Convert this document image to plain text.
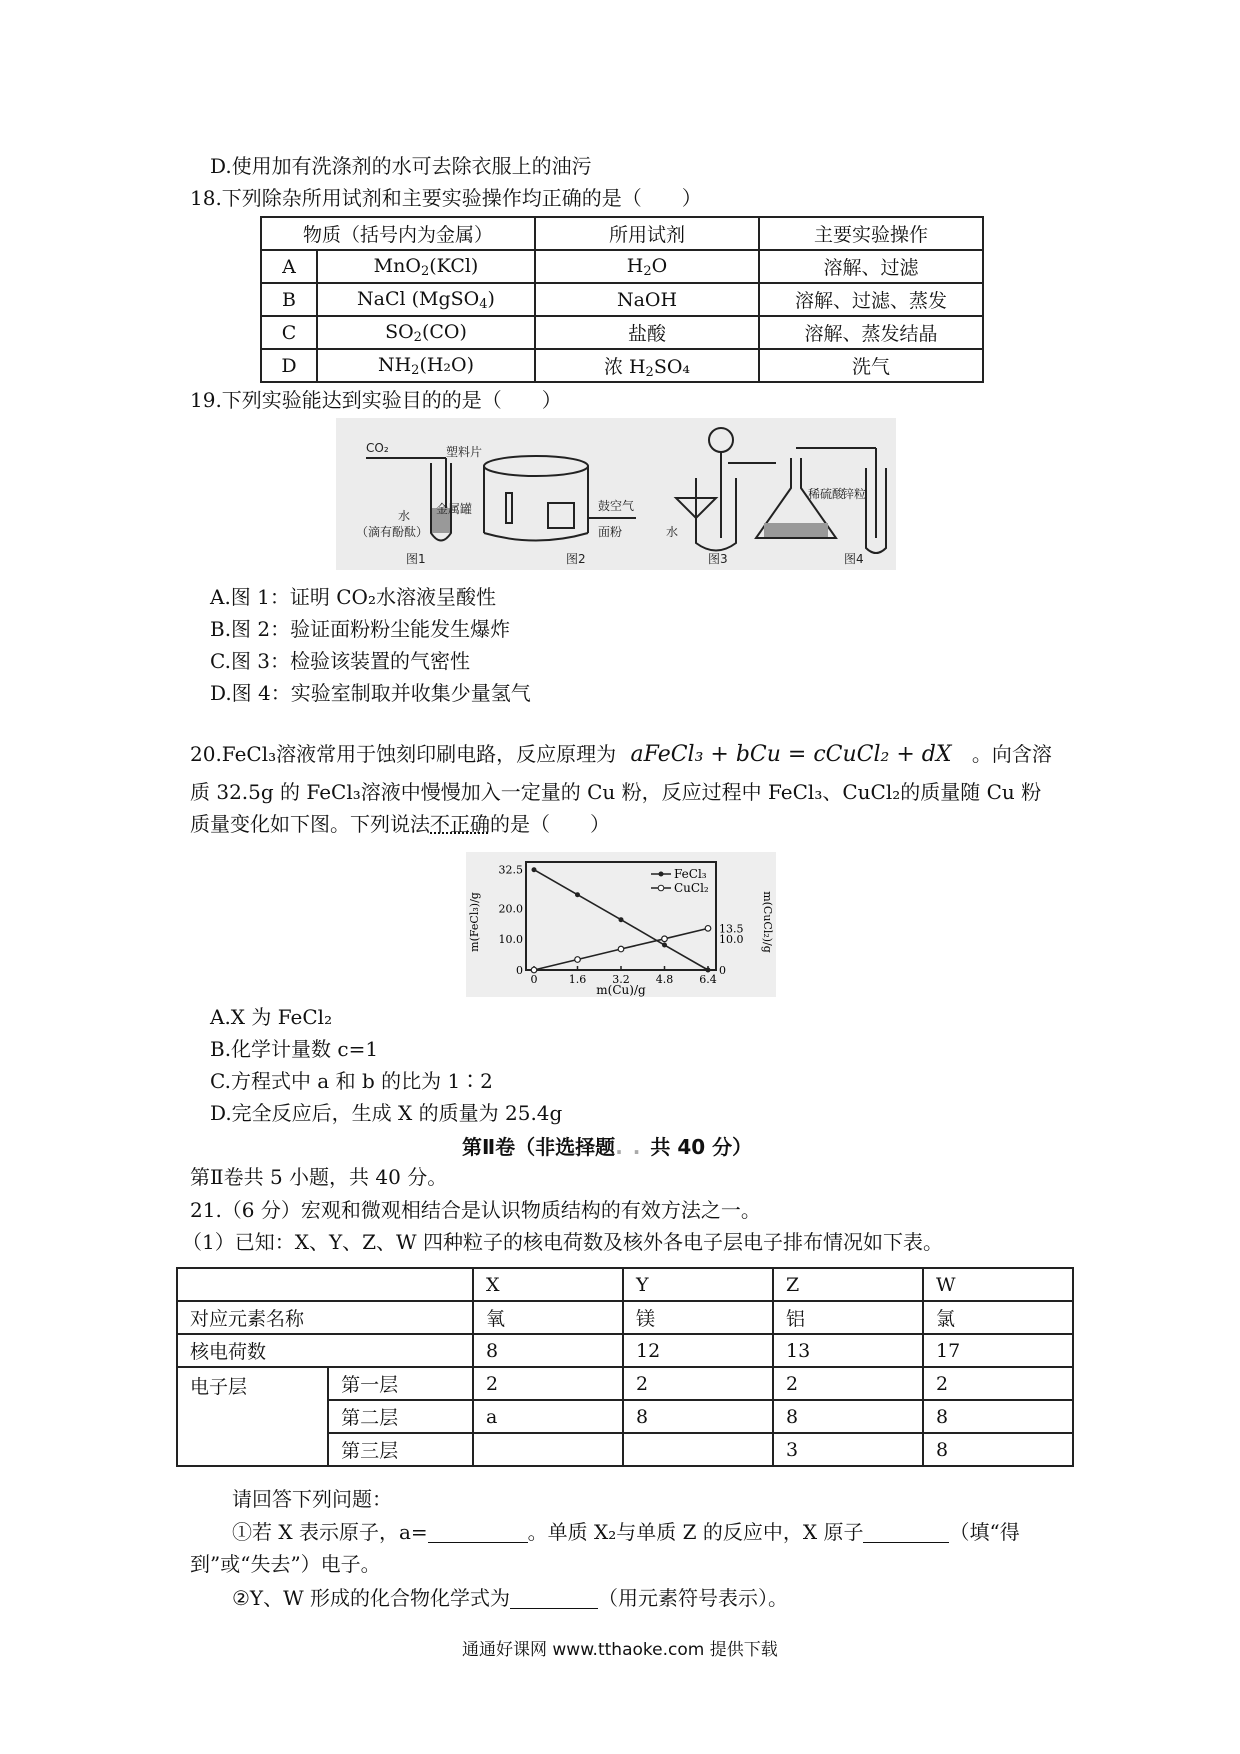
D.使用加有洗涤剂的水可去除衣服上的油污
18.下列除杂所用试剂和主要实验操作均正确的是（　　）
物质（括号内为金属）		所用试剂	主要实验操作
A	MnO$_2$(KCl)	$H_2O$	溶解、过滤
B	NaCl (MgSO$_4$)	NaOH	溶解、过滤、蒸发
C	$SO_2(CO)$	盐酸	溶解、蒸发结晶
D	$NH_2(H_2O)$	浓 $H_2SO_4$	洗气
19.下列实验能达到实验目的的是（　　）
CO₂
水
（滴有酚酞）
图1
塑料片
金属罐	鼓空气
面粉
图2
水
图3
稀硫酸
锌粒
图4
A.图 1：证明 CO₂水溶液呈酸性
B.图 2：验证面粉粉尘能发生爆炸
C.图 3：检验该装置的气密性
D.图 4：实验室制取并收集少量氢气
20.FeCl₃溶液常用于蚀刻印刷电路，反应原理为 aFeCl₃ + bCu = cCuCl₂ + dX 。向含溶
质 32.5g 的 FeCl₃溶液中慢慢加入一定量的 Cu 粉，反应过程中 FeCl₃、CuCl₂的质量随 Cu 粉
质量变化如下图。下列说法不正确的是（　　）
0	1.6 3.2 4.8 6.4
32.5
20.0
10.0
0
13.5
10.0
0
FeCl₃
CuCl₂
m(FeCl₃)/g	m(CuCl₂)/g
m(Cu)/g
A.X 为 FeCl₂
B.化学计量数 c=1
C.方程式中 a 和 b 的比为 1∶2
D.完全反应后，生成 X 的质量为 25.4g
第Ⅱ卷（非选择题..共 40 分）
第Ⅱ卷共 5 小题，共 40 分。
21.（6 分）宏观和微观相结合是认识物质结构的有效方法之一。
（1）已知：X、Y、Z、W 四种粒子的核电荷数及核外各电子层电子排布情况如下表。
		X	Y	Z	W
对应元素名称		氧	镁	铝	氯
核电荷数		8	12	13	17
电子层	第一层	2	2	2	2
	第二层	a	8	8	8
	第三层			3	8
请回答下列问题：
①若 X 表示原子，a=	。单质 X₂与单质 Z 的反应中，X 原子	（填“得
到”或“失去”）电子。
②Y、W 形成的化合物化学式为	（用元素符号表示）。
通通好课网 www.tthaoke.com 提供下载
